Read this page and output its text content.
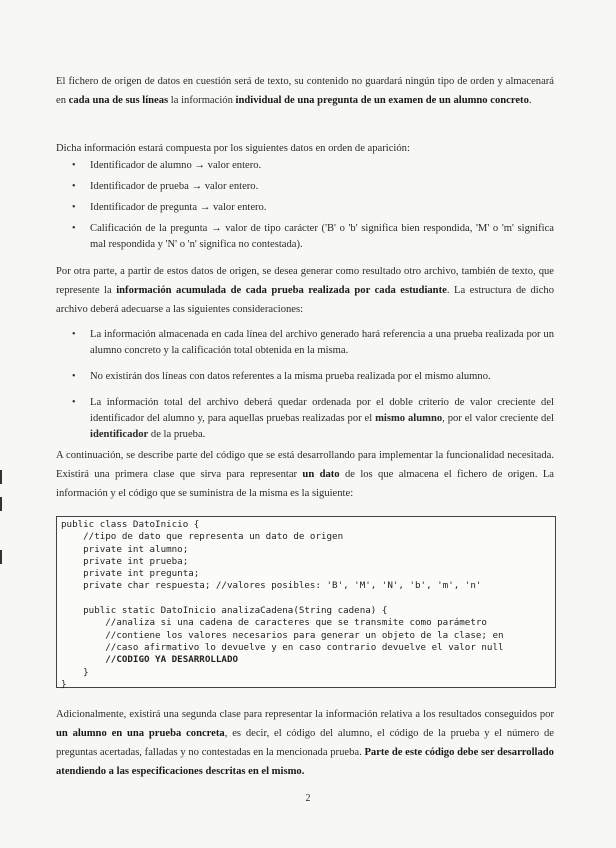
El fichero de origen de datos en cuestión será de texto, su contenido no guardará ningún tipo de orden y almacenará en cada una de sus líneas la información individual de una pregunta de un examen de un alumno concreto.

Dicha información estará compuesta por los siguientes datos en orden de aparición:

• Identificador de alumno → valor entero.
• Identificador de prueba → valor entero.
• Identificador de pregunta → valor entero.
• Calificación de la pregunta → valor de tipo carácter ('B' o 'b' significa bien respondida, 'M' o 'm' significa mal respondida y 'N' o 'n' significa no contestada).

Por otra parte, a partir de estos datos de origen, se desea generar como resultado otro archivo, también de texto, que represente la información acumulada de cada prueba realizada por cada estudiante. La estructura de dicho archivo deberá adecuarse a las siguientes consideraciones:

• La información almacenada en cada línea del archivo generado hará referencia a una prueba realizada por un alumno concreto y la calificación total obtenida en la misma.
• No existirán dos líneas con datos referentes a la misma prueba realizada por el mismo alumno.
• La información total del archivo deberá quedar ordenada por el doble criterio de valor creciente del identificador del alumno y, para aquellas pruebas realizadas por el mismo alumno, por el valor creciente del identificador de la prueba.

A continuación, se describe parte del código que se está desarrollando para implementar la funcionalidad necesitada. Existirá una primera clase que sirva para representar un dato de los que almacena el fichero de origen. La información y el código que se suministra de la misma es la siguiente:

public class DatoInicio {
//tipo de dato que representa un dato de origen
private int alumno;
private int prueba;
private int pregunta;
private char respuesta; //valores posibles: 'B', 'M', 'N', 'b', 'm', 'n'

public static DatoInicio analizaCadena(String cadena) {
//analiza si una cadena de caracteres que se transmite como parámetro
//contiene los valores necesarios para generar un objeto de la clase; en
//caso afirmativo lo devuelve y en caso contrario devuelve el valor null
//CODIGO YA DESARROLLADO
}
}

Adicionalmente, existirá una segunda clase para representar la información relativa a los resultados conseguidos por un alumno en una prueba concreta, es decir, el código del alumno, el código de la prueba y el número de preguntas acertadas, falladas y no contestadas en la mencionada prueba. Parte de este código debe ser desarrollado atendiendo a las especificaciones descritas en el mismo.

2
